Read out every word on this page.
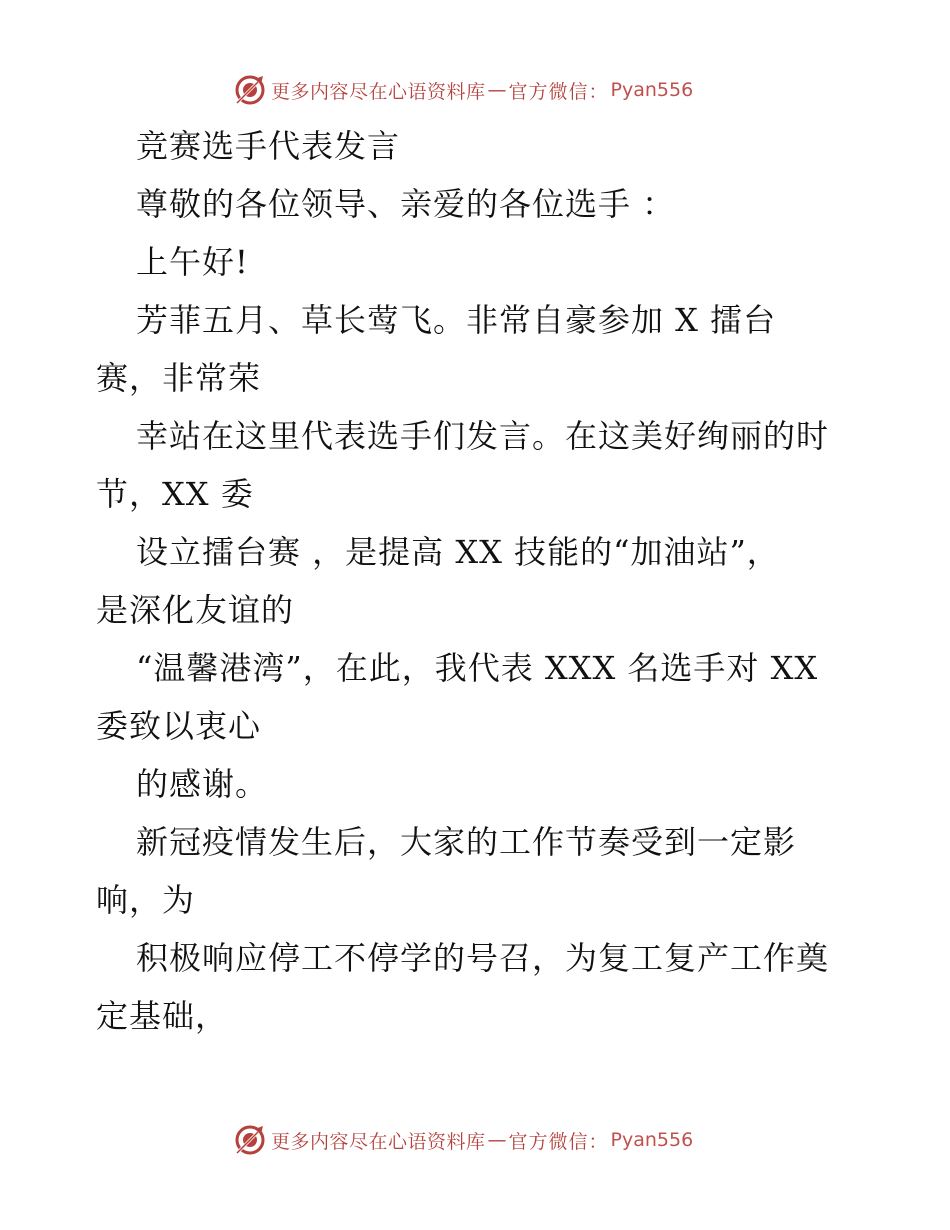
更多内容尽在心语资料库 — 官方微信： Pyan556
竞赛选手代表发言
尊敬的各位领导、亲爱的各位选手 ：
上午好!
芳菲五月、草长莺飞。非常自豪参加 X 擂台
赛，非常荣
幸站在这里代表选手们发言。在这美好绚丽的时
节，XX 委
设立擂台赛 ，是提高 XX 技能的“加油站”，
是深化友谊的
“温馨港湾”，在此，我代表 XXX 名选手对 XX
委致以衷心
的感谢。
新冠疫情发生后，大家的工作节奏受到一定影
响，为
积极响应停工不停学的号召，为复工复产工作奠
定基础，
更多内容尽在心语资料库 — 官方微信： Pyan556
